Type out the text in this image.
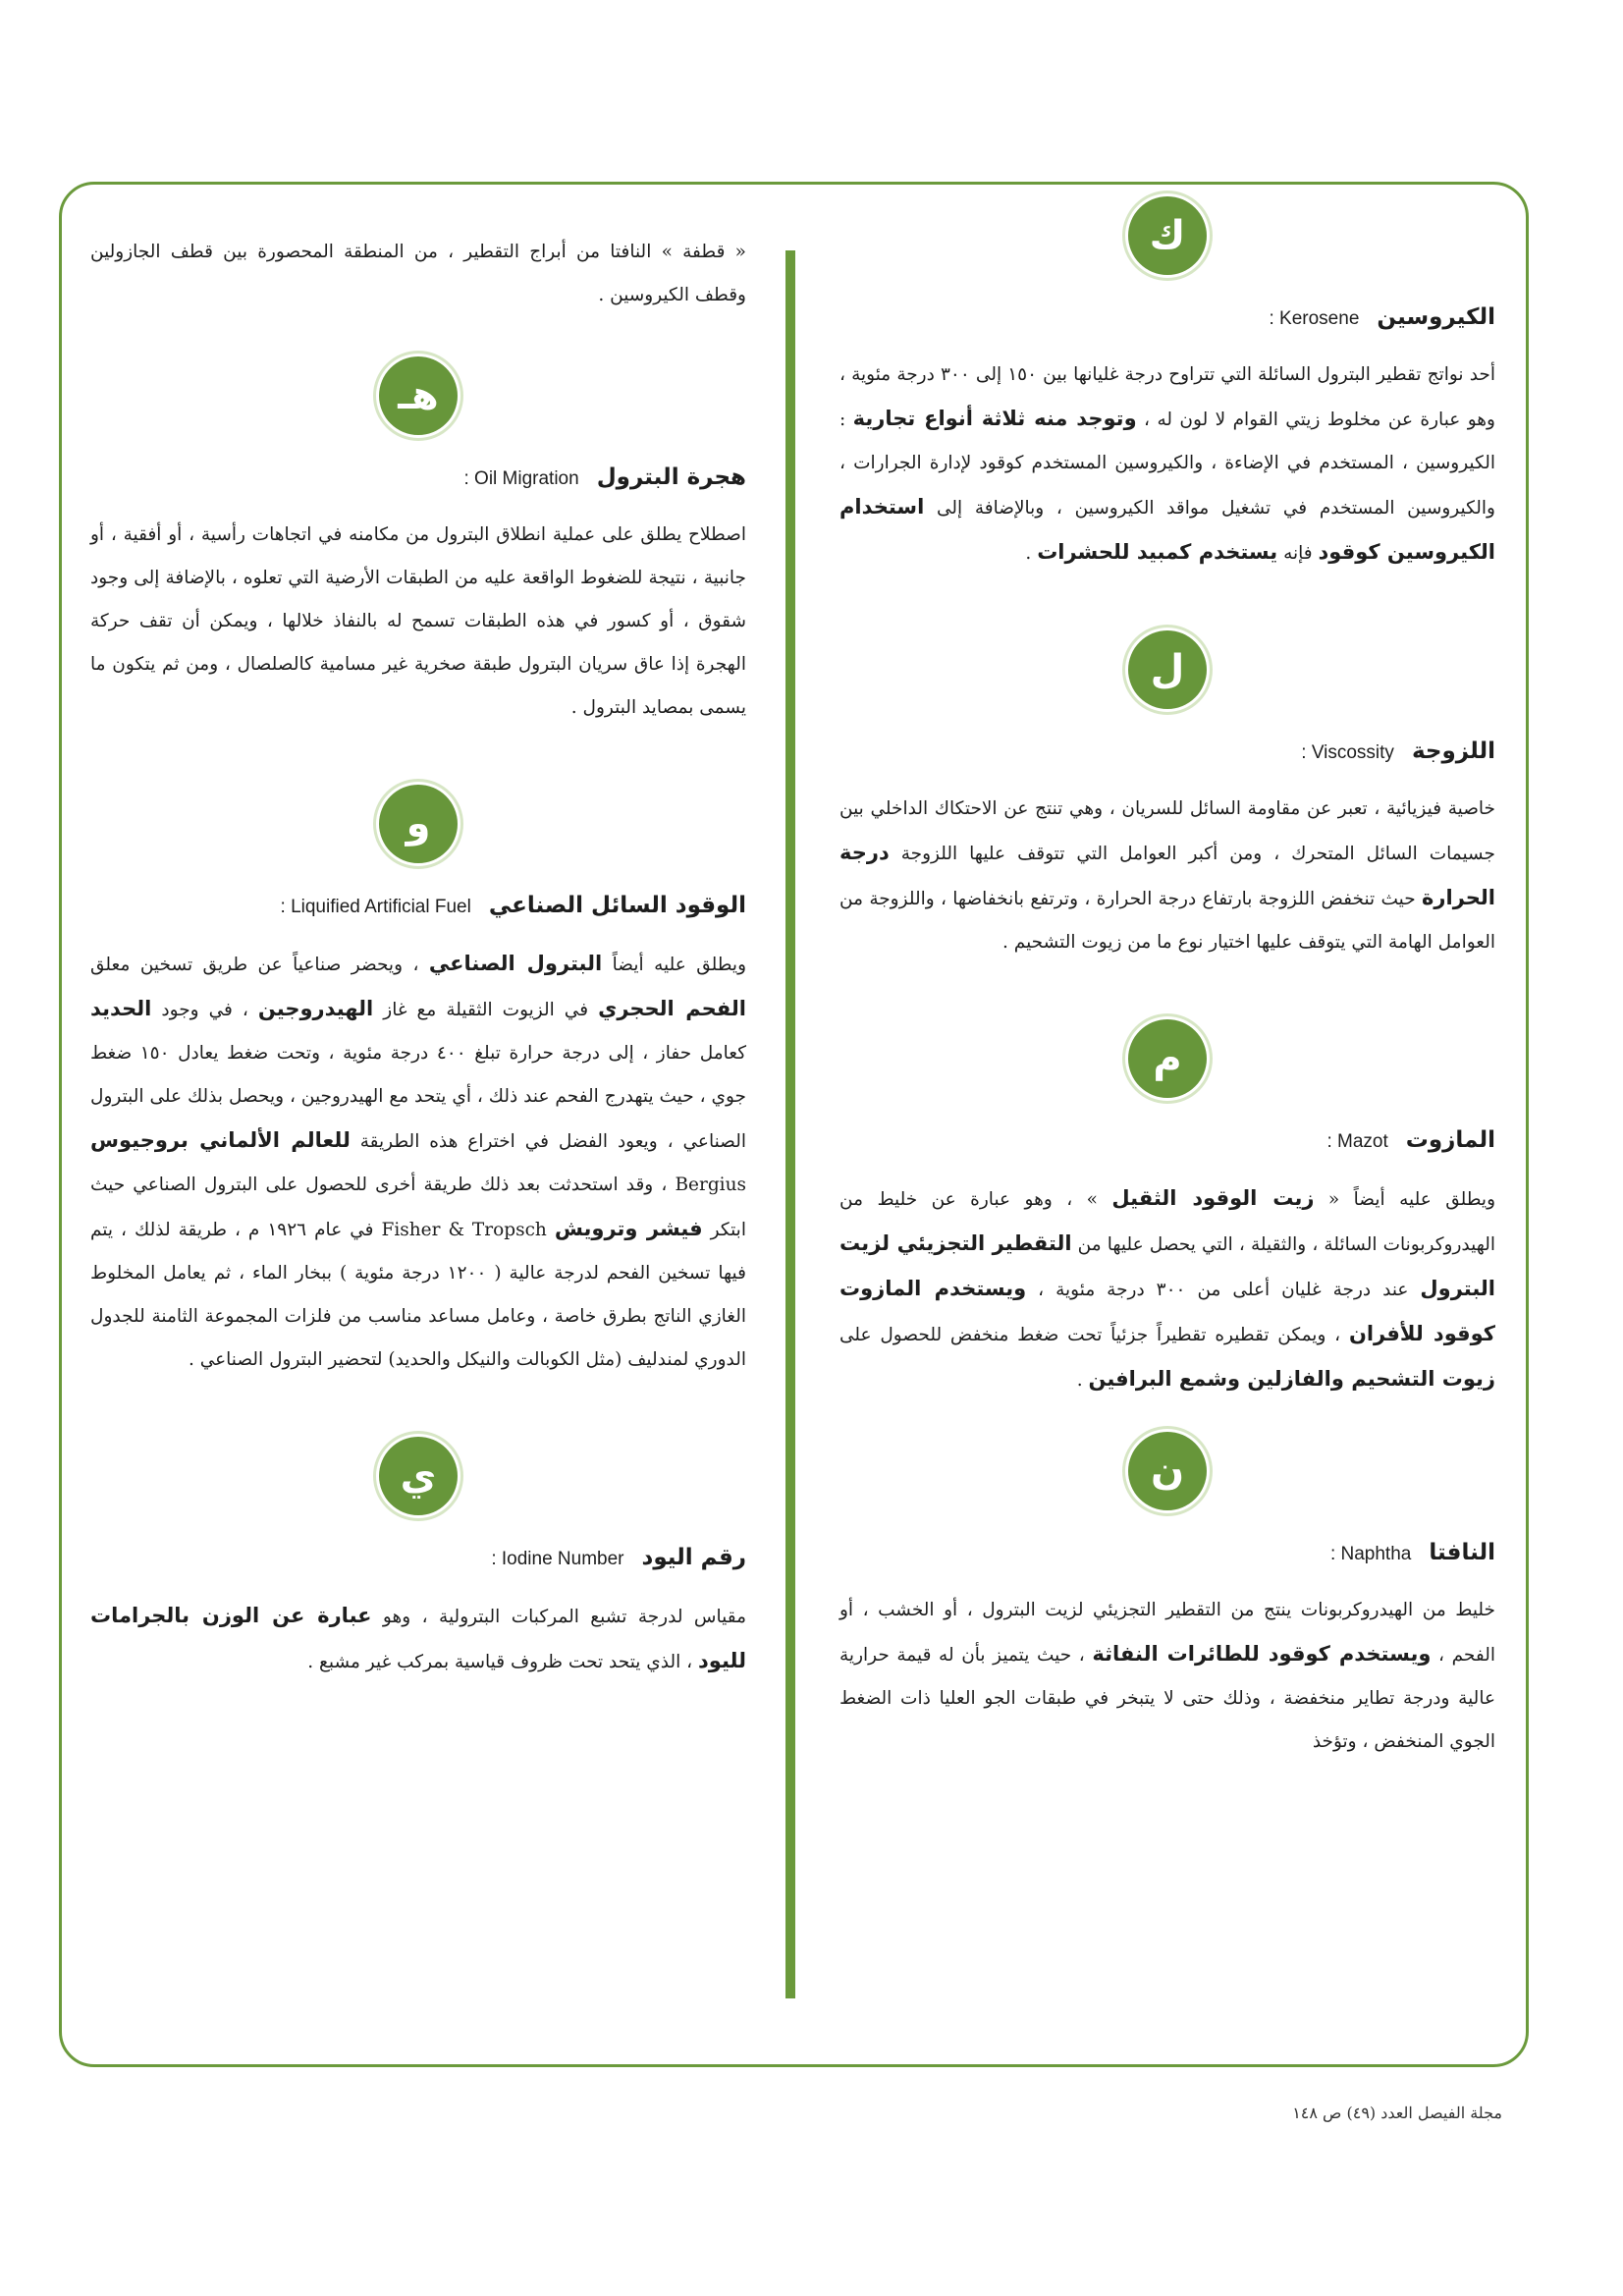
ك
الكيروسين Kerosene :

أحد نواتج تقطير البترول السائلة التي تتراوح درجة غليانها بين ١٥٠ إلى ٣٠٠ درجة مئوية ، وهو عبارة عن مخلوط زيتي القوام لا لون له ، وتوجد منه ثلاثة أنواع تجارية : الكيروسين ، المستخدم في الإضاءة ، والكيروسين المستخدم كوقود لإدارة الجرارات ، والكيروسين المستخدم في تشغيل مواقد الكيروسين ، وبالإضافة إلى استخدام الكيروسين كوقود فإنه يستخدم كمبيد للحشرات .

ل
اللزوجة Viscossity :

خاصية فيزيائية ، تعبر عن مقاومة السائل للسريان ، وهي تنتج عن الاحتكاك الداخلي بين جسيمات السائل المتحرك ، ومن أكبر العوامل التي تتوقف عليها اللزوجة درجة الحرارة حيث تنخفض اللزوجة بارتفاع درجة الحرارة ، وترتفع بانخفاضها ، واللزوجة من العوامل الهامة التي يتوقف عليها اختيار نوع ما من زيوت التشحيم .

م
المازوت Mazot :

ويطلق عليه أيضاً « زيت الوقود الثقيل » ، وهو عبارة عن خليط من الهيدروكربونات السائلة ، والثقيلة ، التي يحصل عليها من التقطير التجزيئي لزيت البترول عند درجة غليان أعلى من ٣٠٠ درجة مئوية ، ويستخدم المازوت كوقود للأفران ، ويمكن تقطيره تقطيراً جزئياً تحت ضغط منخفض للحصول على زيوت التشحيم والفازلين وشمع البرافين .

ن
النافتا Naphtha :

خليط من الهيدروكربونات ينتج من التقطير التجزيئي لزيت البترول ، أو الخشب ، أو الفحم ، ويستخدم كوقود للطائرات النفاثة ، حيث يتميز بأن له قيمة حرارية عالية ودرجة تطاير منخفضة ، وذلك حتى لا يتبخر في طبقات الجو العليا ذات الضغط الجوي المنخفض ، وتؤخذ

« قطفة » النافتا من أبراج التقطير ، من المنطقة المحصورة بين قطف الجازولين وقطف الكيروسين .

هـ
هجرة البترول Oil Migration :

اصطلاح يطلق على عملية انطلاق البترول من مكامنه في اتجاهات رأسية ، أو أفقية ، أو جانبية ، نتيجة للضغوط الواقعة عليه من الطبقات الأرضية التي تعلوه ، بالإضافة إلى وجود شقوق ، أو كسور في هذه الطبقات تسمح له بالنفاذ خلالها ، ويمكن أن تقف حركة الهجرة إذا عاق سريان البترول طبقة صخرية غير مسامية كالصلصال ، ومن ثم يتكون ما يسمى بمصايد البترول .

و
الوقود السائل الصناعي Liquified Artificial Fuel :

ويطلق عليه أيضاً البترول الصناعي ، ويحضر صناعياً عن طريق تسخين معلق الفحم الحجري في الزيوت الثقيلة مع غاز الهيدروجين ، في وجود الحديد كعامل حفاز ، إلى درجة حرارة تبلغ ٤٠٠ درجة مئوية ، وتحت ضغط يعادل ١٥٠ ضغط جوي ، حيث يتهدرج الفحم عند ذلك ، أي يتحد مع الهيدروجين ، ويحصل بذلك على البترول الصناعي ، ويعود الفضل في اختراع هذه الطريقة للعالم الألماني بروجيوس Bergius ، وقد استحدثت بعد ذلك طريقة أخرى للحصول على البترول الصناعي حيث ابتكر فيشر وترويش Fisher & Tropsch في عام ١٩٢٦ م ، طريقة لذلك ، يتم فيها تسخين الفحم لدرجة عالية ( ١٢٠٠ درجة مئوية ) ببخار الماء ، ثم يعامل المخلوط الغازي الناتج بطرق خاصة ، وعامل مساعد مناسب من فلزات المجموعة الثامنة للجدول الدوري لمندليف (مثل الكوبالت والنيكل والحديد) لتحضير البترول الصناعي .

ي
رقم اليود Iodine Number :

مقياس لدرجة تشبع المركبات البترولية ، وهو عبارة عن الوزن بالجرامات لليود ، الذي يتحد تحت ظروف قياسية بمركب غير مشبع .

مجلة الفيصل العدد (٤٩) ص ١٤٨
